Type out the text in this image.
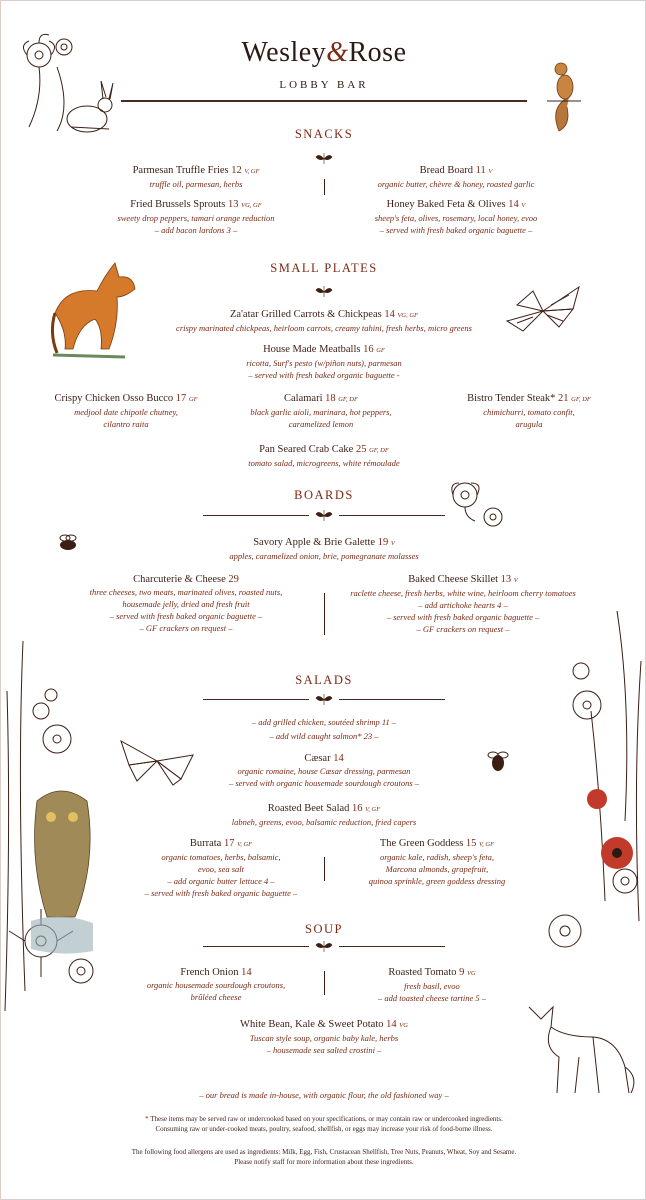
Wesley&Rose
LOBBY BAR
SNACKS
Parmesan Truffle Fries 12 V, GF
truffle oil, parmesan, herbs
Fried Brussels Sprouts 13 VG, GF
sweety drop peppers, tamari orange reduction
– add bacon lardons 3 –
Bread Board 11 V
organic butter, chèvre & honey, roasted garlic
Honey Baked Feta & Olives 14 V
sheep's feta, olives, rosemary, local honey, evoo
– served with fresh baked organic baguette –
SMALL PLATES
Za'atar Grilled Carrots & Chickpeas 14 VG, GF
crispy marinated chickpeas, heirloom carrots, creamy tahini, fresh herbs, micro greens
House Made Meatballs 16 GF
ricotta, Surf's pesto (w/piñon nuts), parmesan
– served with fresh baked organic baguette -
Crispy Chicken Osso Bucco 17 GF
medjool date chipotle chutney,
cilantro raita
Calamari 18 GF, DF
black garlic aioli, marinara, hot peppers,
caramelized lemon
Bistro Tender Steak* 21 GF, DF
chimichurri, tomato confit,
arugula
Pan Seared Crab Cake 25 GF, DF
tomato salad, microgreens, white rémoulade
BOARDS
Savory Apple & Brie Galette 19 V
apples, caramelized onion, brie, pomegranate molasses
Charcuterie & Cheese 29
three cheeses, two meats, marinated olives, roasted nuts,
housemade jelly, dried and fresh fruit
– served with fresh baked organic baguette –
– GF crackers on request –
Baked Cheese Skillet 13 V
raclette cheese, fresh herbs, white wine, heirloom cherry tomatoes
– add artichoke hearts 4 –
– served with fresh baked organic baguette –
– GF crackers on request –
SALADS
– add grilled chicken, soutéed shrimp 11 –
– add wild caught salmon* 23 –
Cæsar 14
organic romaine, house Cæsar dressing, parmesan
– served with organic housemade sourdough croutons –
Roasted Beet Salad 16 V, GF
labneh, greens, evoo, balsamic reduction, fried capers
Burrata 17 V, GF
organic tomatoes, herbs, balsamic,
evoo, sea salt
– add organic butter lettuce 4 –
– served with fresh baked organic baguette –
The Green Goddess 15 V, GF
organic kale, radish, sheep's feta,
Marcona almonds, grapefruit,
quinoa sprinkle, green goddess dressing
SOUP
French Onion 14
organic housemade sourdough croutons,
brûléed cheese
Roasted Tomato 9 VG
fresh basil, evoo
– add toasted cheese tartine 5 –
White Bean, Kale & Sweet Potato 14 VG
Tuscan style soup, organic baby kale, herbs
– housemade sea salted crostini –
– our bread is made in-house, with organic flour, the old fashioned way –
* These items may be served raw or undercooked based on your specifications, or may contain raw or undercooked ingredients.
Consuming raw or under-cooked meats, poultry, seafood, shellfish, or eggs may increase your risk of food-borne illness.
The following food allergens are used as ingredients: Milk, Egg, Fish, Crustacean Shellfish, Tree Nuts, Peanuts, Wheat, Soy and Sesame.
Please notify staff for more information about these ingredients.
